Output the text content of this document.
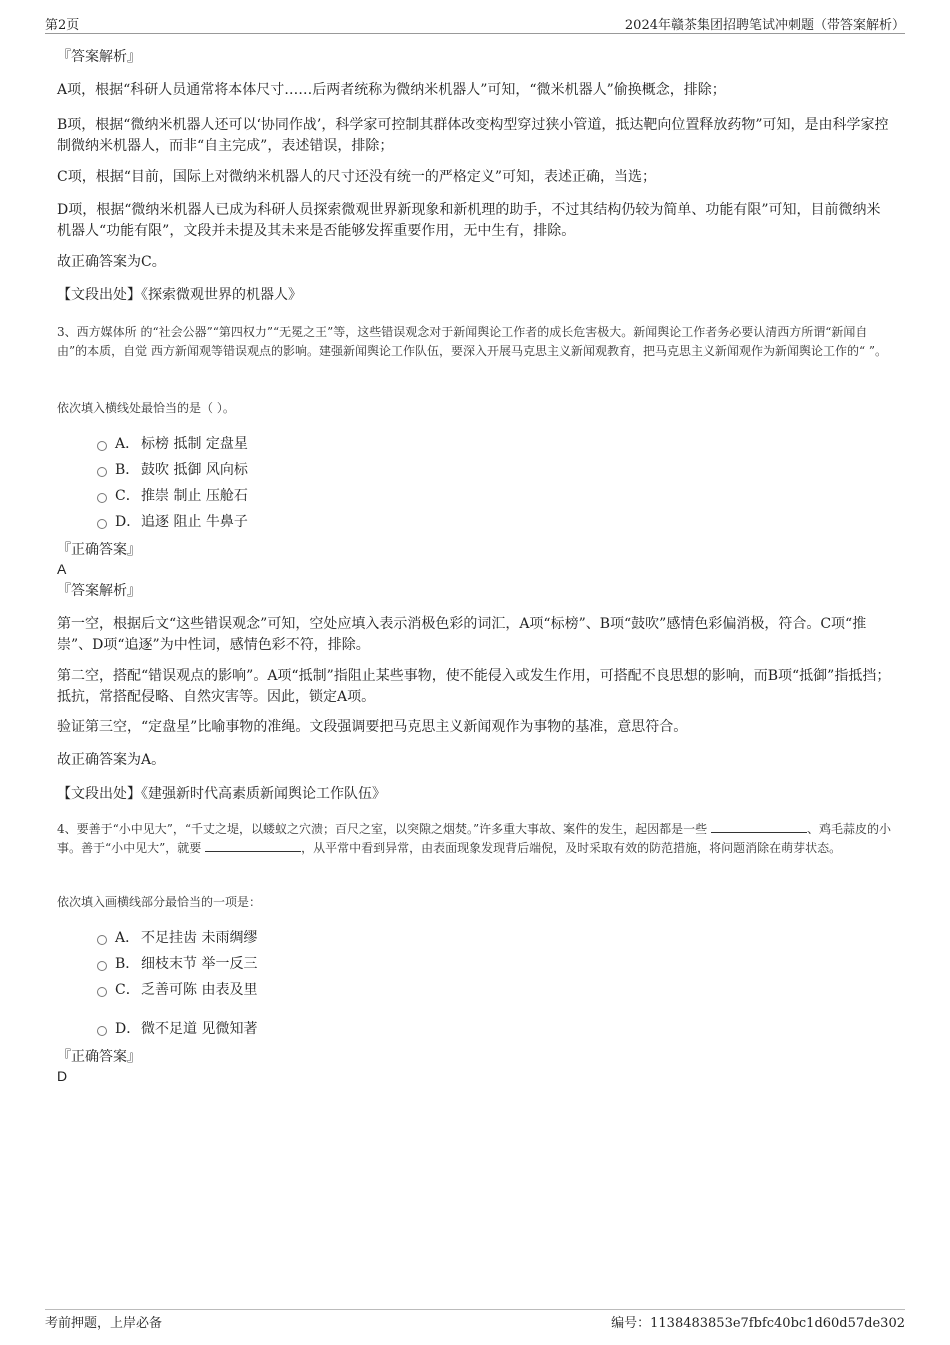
第2页	2024年赣茶集团招聘笔试冲刺题（带答案解析）
『答案解析』
A项，根据“科研人员通常将本体尺寸……后两者统称为微纳米机器人”可知，“微米机器人”偷换概念，排除；
B项，根据“微纳米机器人还可以‘协同作战’，科学家可控制其群体改变构型穿过狭小管道，抵达靶向位置释放药物”可知，是由科学家控制微纳米机器人，而非“自主完成”，表述错误，排除；
C项，根据“目前，国际上对微纳米机器人的尺寸还没有统一的严格定义”可知，表述正确，当选；
D项，根据“微纳米机器人已成为科研人员探索微观世界新现象和新机理的助手，不过其结构仍较为简单、功能有限”可知，目前微纳米机器人“功能有限”，文段并未提及其未来是否能够发挥重要作用，无中生有，排除。
故正确答案为C。
【文段出处】《探索微观世界的机器人》
3、西方媒体所 的“社会公器”“第四权力”“无冕之王”等，这些错误观念对于新闻舆论工作者的成长危害极大。新闻舆论工作者务必要认清西方所谓“新闻自由”的本质，自觉 西方新闻观等错误观点的影响。建强新闻舆论工作队伍，要深入开展马克思主义新闻观教育，把马克思主义新闻观作为新闻舆论工作的“ ”。
依次填入横线处最恰当的是（ ）。
A． 标榜 抵制 定盘星
B． 鼓吹 抵御 风向标
C．推崇 制止 压舱石
D．追逐 阻止 牛鼻子
『正确答案』
A
『答案解析』
第一空，根据后文“这些错误观念”可知，空处应填入表示消极色彩的词汇，A项“标榜”、B项“鼓吹”感情色彩偏消极，符合。C项“推崇”、D项“追逐”为中性词，感情色彩不符，排除。
第二空，搭配“错误观点的影响”。A项“抵制”指阻止某些事物，使不能侵入或发生作用，可搭配不良思想的影响，而B项“抵御”指抵挡；抵抗，常搭配侵略、自然灾害等。因此，锁定A项。
验证第三空，“定盘星”比喻事物的准绳。文段强调要把马克思主义新闻观作为事物的基准，意思符合。
故正确答案为A。
【文段出处】《建强新时代高素质新闻舆论工作队伍》
4、要善于“小中见大”，“千丈之堤，以蝼蚁之穴溃；百尺之室，以突隙之烟焚。”许多重大事故、案件的发生，起因都是一些	、鸡毛蒜皮的小事。善于“小中见大”，就要	，从平常中看到异常，由表面现象发现背后端倪，及时采取有效的防范措施，将问题消除在萌芽状态。
依次填入画横线部分最恰当的一项是：
A． 不足挂齿 未雨绸缪
B． 细枝末节 举一反三
C．乏善可陈 由表及里
D．微不足道 见微知著
『正确答案』
D
考前押题，上岸必备	编号：1138483853e7fbfc40bc1d60d57de302
